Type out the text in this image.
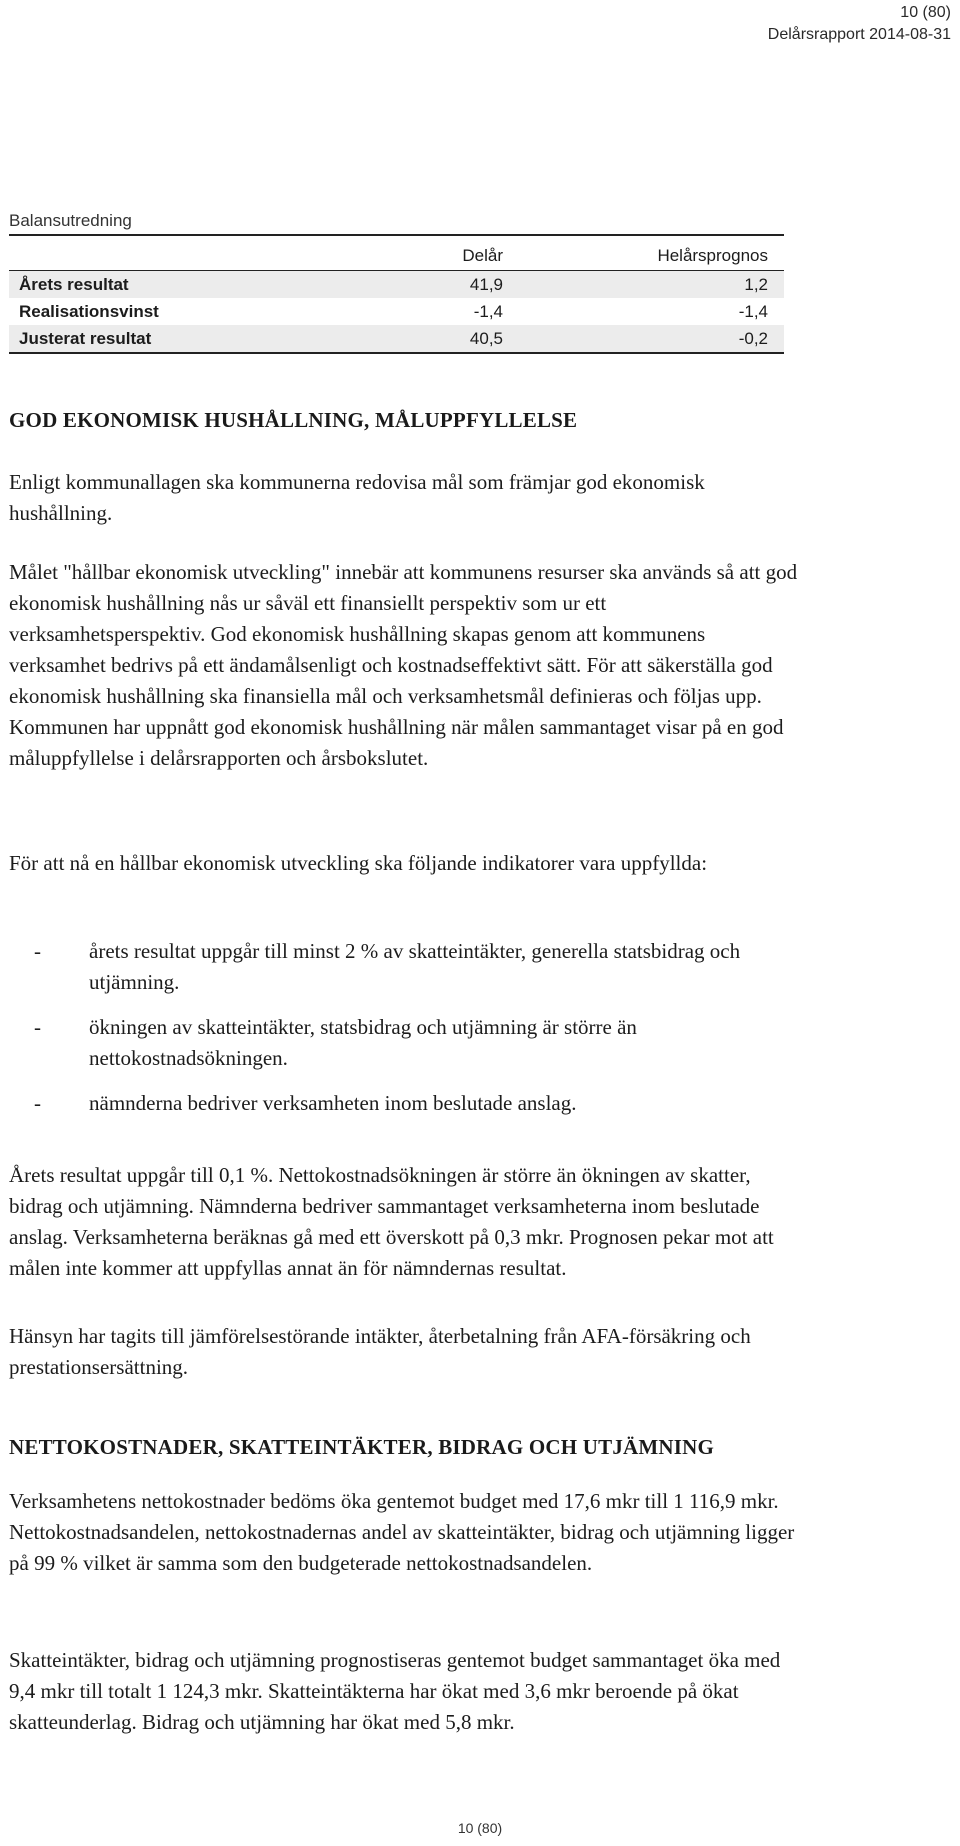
10 (80)
Delårsrapport 2014-08-31
Balansutredning
	Delår	Helårsprognos
Årets resultat	41,9	1,2
Realisationsvinst	-1,4	-1,4
Justerat resultat	40,5	-0,2
GOD EKONOMISK HUSHÅLLNING, MÅLUPPFYLLELSE

Enligt kommunallagen ska kommunerna redovisa mål som främjar god ekonomisk hushållning.

Målet "hållbar ekonomisk utveckling" innebär att kommunens resurser ska används så att god ekonomisk hushållning nås ur såväl ett finansiellt perspektiv som ur ett verksamhetsperspektiv. God ekonomisk hushållning skapas genom att kommunens verksamhet bedrivs på ett ändamålsenligt och kostnadseffektivt sätt. För att säkerställa god ekonomisk hushållning ska finansiella mål och verksamhetsmål definieras och följas upp. Kommunen har uppnått god ekonomisk hushållning när målen sammantaget visar på en god måluppfyllelse i delårsrapporten och årsbokslutet.

För att nå en hållbar ekonomisk utveckling ska följande indikatorer vara uppfyllda:

- årets resultat uppgår till minst 2 % av skatteintäkter, generella statsbidrag och utjämning.
- ökningen av skatteintäkter, statsbidrag och utjämning är större än nettokostnadsökningen.
- nämnderna bedriver verksamheten inom beslutade anslag.

Årets resultat uppgår till 0,1 %. Nettokostnadsökningen är större än ökningen av skatter, bidrag och utjämning. Nämnderna bedriver sammantaget verksamheterna inom beslutade anslag. Verksamheterna beräknas gå med ett överskott på 0,3 mkr. Prognosen pekar mot att målen inte kommer att uppfyllas annat än för nämndernas resultat.

Hänsyn har tagits till jämförelsestörande intäkter, återbetalning från AFA-försäkring och prestationsersättning.

NETTOKOSTNADER, SKATTEINTÄKTER, BIDRAG OCH UTJÄMNING

Verksamhetens nettokostnader bedöms öka gentemot budget med 17,6 mkr till 1 116,9 mkr. Nettokostnadsandelen, nettokostnadernas andel av skatteintäkter, bidrag och utjämning ligger på 99 % vilket är samma som den budgeterade nettokostnadsandelen.

Skatteintäkter, bidrag och utjämning prognostiseras gentemot budget sammantaget öka med 9,4 mkr till totalt 1 124,3 mkr. Skatteintäkterna har ökat med 3,6 mkr beroende på ökat skatteunderlag. Bidrag och utjämning har ökat med 5,8 mkr.

10 (80)
